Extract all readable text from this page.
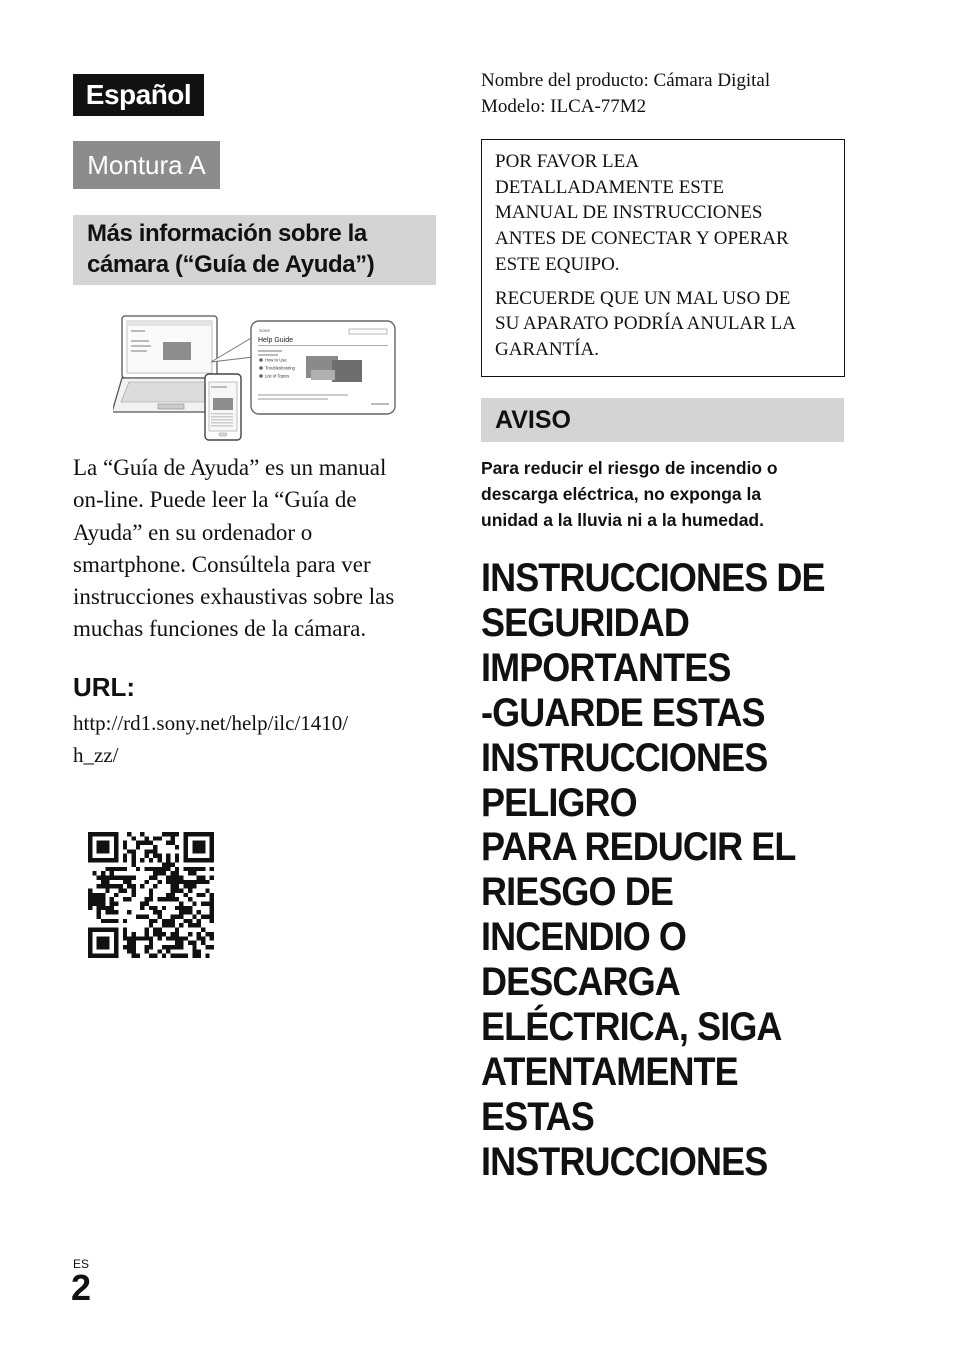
Español
Montura A
Más información sobre la
cámara (“Guía de Ayuda”)
SONY
Help Guide
How to Use
Troubleshooting
List of Topics
La “Guía de Ayuda” es un manual
on-line. Puede leer la “Guía de
Ayuda” en su ordenador o
smartphone. Consúltela para ver
instrucciones exhaustivas sobre las
muchas funciones de la cámara.
URL:
http://rd1.sony.net/help/ilc/1410/
h_zz/
Nombre del producto: Cámara Digital
Modelo: ILCA-77M2

POR FAVOR LEA
DETALLADAMENTE ESTE
MANUAL DE INSTRUCCIONES
ANTES DE CONECTAR Y OPERAR
ESTE EQUIPO.

RECUERDE QUE UN MAL USO DE
SU APARATO PODRÍA ANULAR LA
GARANTÍA.

AVISO
Para reducir el riesgo de incendio o
descarga eléctrica, no exponga la
unidad a la lluvia ni a la humedad.
INSTRUCCIONES DE
SEGURIDAD
IMPORTANTES
-GUARDE ESTAS
INSTRUCCIONES
PELIGRO
PARA REDUCIR EL
RIESGO DE
INCENDIO O
DESCARGA
ELÉCTRICA, SIGA
ATENTAMENTE
ESTAS
INSTRUCCIONES
ES
2
